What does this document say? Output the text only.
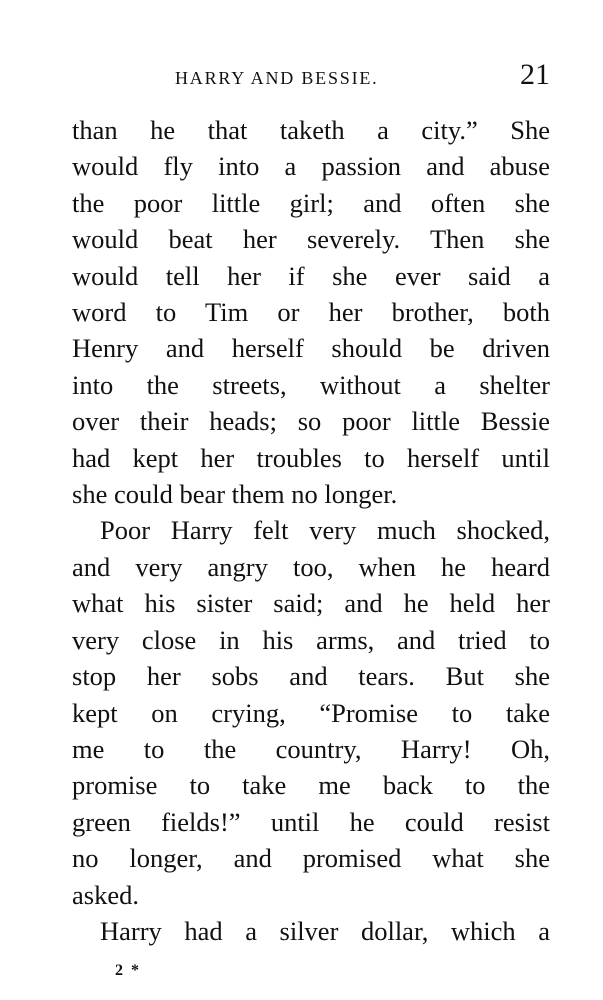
HARRY AND BESSIE.	21
than he that taketh a city.” She
would fly into a passion and abuse
the poor little girl; and often she
would beat her severely. Then she
would tell her if she ever said a
word to Tim or her brother, both
Henry and herself should be driven
into the streets, without a shelter
over their heads; so poor little Bessie
had kept her troubles to herself until
she could bear them no longer.
Poor Harry felt very much shocked,
and very angry too, when he heard
what his sister said; and he held her
very close in his arms, and tried to
stop her sobs and tears. But she
kept on crying, “Promise to take
me to the country, Harry! Oh,
promise to take me back to the
green fields!” until he could resist
no longer, and promised what she
asked.
Harry had a silver dollar, which a
2 *
